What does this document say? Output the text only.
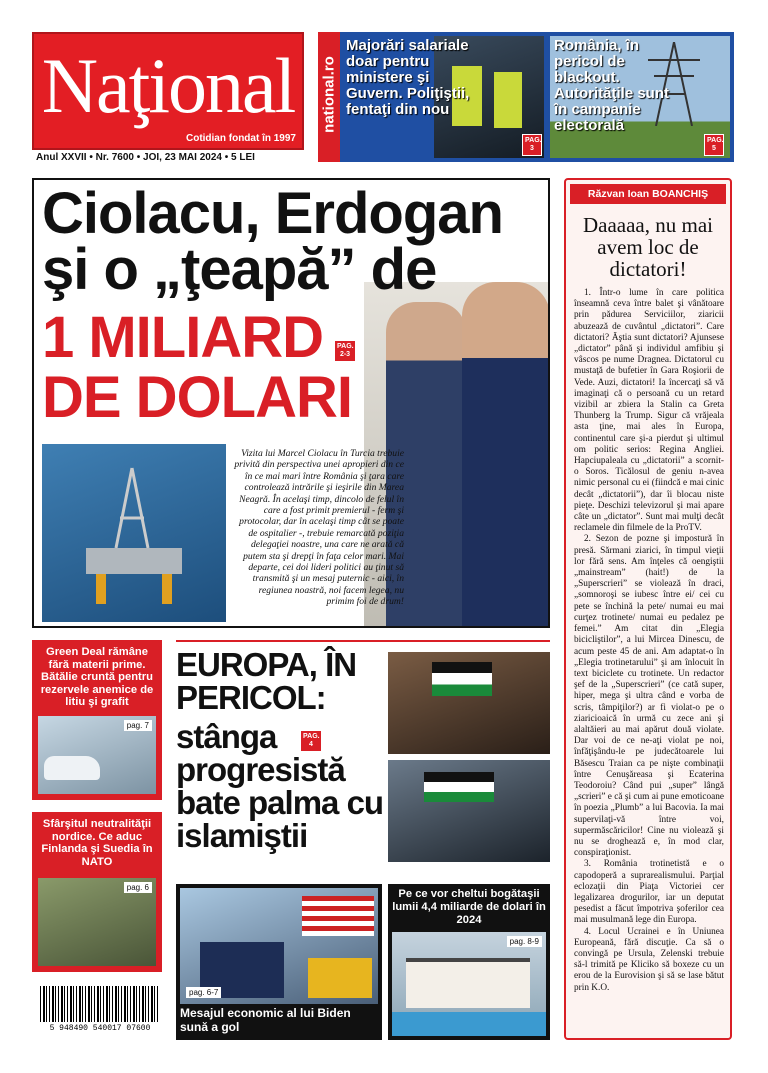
Naţional
Cotidian fondat în 1997
Anul XXVII • Nr. 7600 • JOI, 23 MAI 2024 • 5 LEI
national.ro
Majorări salariale doar pentru ministere şi Guvern. Poliţiştii, fentaţi din nou
PAG. 3
România, în pericol de blackout. Autorităţile sunt în campanie electorală
PAG. 5
Ciolacu, Erdogan şi o „ţeapă” de
1 MILIARD DE DOLARI
PAG. 2-3
Vizita lui Marcel Ciolacu în Turcia trebuie privită din perspectiva unei apropieri din ce în ce mai mari între România şi ţara care controlează intrările şi ieşirile din Marea Neagră. În acelaşi timp, dincolo de felul în care a fost primit premierul - ferm şi protocolar, dar în acelaşi timp cât se poate de ospitalier -, trebuie remarcată poziţia delegaţiei noastre, una care ne arată că putem sta şi drepţi în faţa celor mari. Mai departe, cei doi lideri politici au ţinut să transmită şi un mesaj puternic - aici, în regiunea noastră, noi facem legea, nu primim foi de drum!
Răzvan Ioan BOANCHIŞ
Daaaaa, nu mai avem loc de dictatori!

1. Într-o lume în care politica înseamnă ceva între balet şi vânătoare prin pădurea Serviciilor, ziaricii abuzează de cuvântul „dictatori”. Care dictatori? Ăştia sunt dictatori? Ajunsese „dictator” până şi individul amfibiu şi vâscos pe nume Dragnea. Dictatorul cu mustaţă de bufetier în Gara Roşiorii de Vede. Auzi, dictatori! Ia încercaţi să vă imaginaţi că o persoană cu un retard vizibil ar zbiera la Stalin ca Greta Thunberg la Trump. Sigur că vrăjeala asta ţine, mai ales în Europa, continentul care şi-a pierdut şi ultimul om politic serios: Regina Angliei. Hapciupaleala cu „dictatorii” a scornit-o Soros. Ticălosul de geniu n-avea nimic personal cu ei (fiindcă e mai cinic decât „dictatorii”), dar îi blocau niste pieţe. Deschizi televizorul şi mai apare câte un „dictator”. Sunt mai mulţi decât reclamele din filmele de la ProTV.

2. Sezon de pozne şi impostură în presă. Sărmani ziarici, în timpul vieţii lor fără sens. Am înţeles că oengiştii „mainstream” (hait!) de la „Superscrieri” se violează în draci, „somnoroşi se iubesc între ei/ cei cu pete se închină la pete/ numai eu mai curţez trotinete/ numai eu pedalez pe femei.” Am citat din „Elegia bicicliştilor”, a lui Mircea Dinescu, de acum peste 45 de ani. Am adaptat-o în „Elegia trotinetarului” şi am înlocuit în text biciclete cu trotinete. Un redactor şef de la „Superscrieri” (ce cată super, hiper, mega şi ultra când e vorba de scris, tâmpiţilor?) ar fi violat-o pe o ziaricioaică în urmă cu zece ani şi alaltăieri au mai apărut două violate. Dar voi de ce ne-aţi violat pe noi, înfăţişându-le pe judecătoarele lui Băsescu Traian ca pe nişte combinaţii între Cenuşăreasa şi Ecaterina Teodoroiu? Când pui „super” lângă „scrieri” e că şi cum ai pune emoticoane în poezia „Plumb” a lui Bacovia. Ia mai supervilaţi-vă între voi, supermăscăricilor! Cine nu violează şi nu se droghează e, în mod clar, conspiraţionist.

3. România trotinetistă e o capodoperă a suprarealismului. Parţial eclozaţii din Piaţa Victoriei cer legalizarea drogurilor, iar un deputat pesedist a făcut împotriva şoferilor cea mai musulmană lege din Europa.

4. Locul Ucrainei e în Uniunea Europeană, fără discuţie. Ca să o convingă pe Ursula, Zelenski trebuie să-l trimită pe Klicikо să boxeze cu un erou de la Eurovision şi să se lase bătut prin K.O.

Green Deal rămâne fără materii prime. Bătălie cruntă pentru rezervele anemice de litiu şi grafit
pag. 7
Sfârşitul neutralităţii nordice. Ce aduc Finlanda şi Suedia în NATO
pag. 6
5 948490 540017 07600
EUROPA, ÎN PERICOL:
PAG. 4
stânga progresistă bate palma cu islamiştii
pag. 6-7
Mesajul economic al lui Biden sună a gol
Pe ce vor cheltui bogătaşii lumii 4,4 miliarde de dolari în 2024
pag. 8-9
